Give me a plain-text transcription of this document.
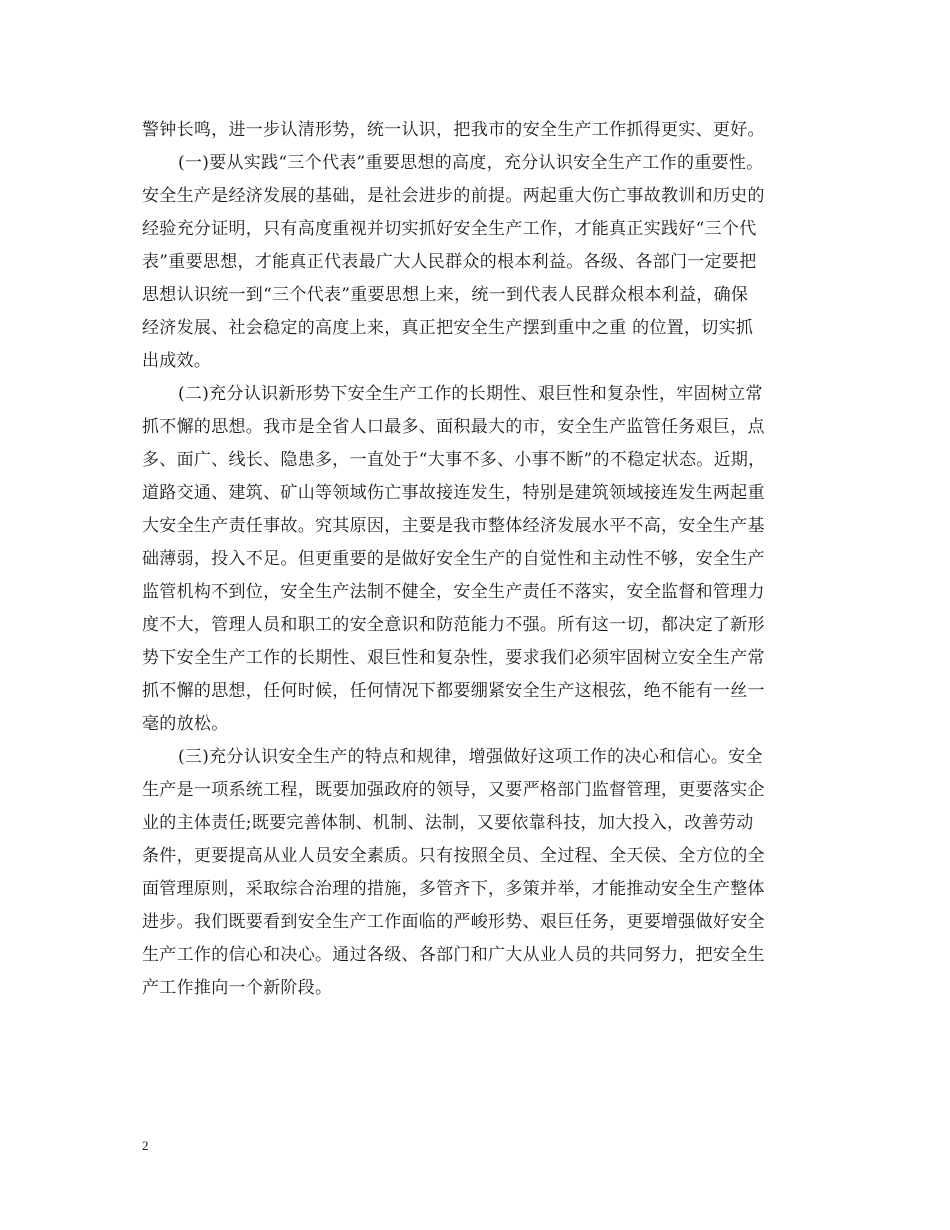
警钟长鸣，进一步认清形势，统一认识，把我市的安全生产工作抓得更实、更好。
(一)要从实践“三个代表”重要思想的高度，充分认识安全生产工作的重要性。
安全生产是经济发展的基础，是社会进步的前提。两起重大伤亡事故教训和历史的
经验充分证明，只有高度重视并切实抓好安全生产工作，才能真正实践好“三个代
表”重要思想，才能真正代表最广大人民群众的根本利益。各级、各部门一定要把
思想认识统一到“三个代表”重要思想上来，统一到代表人民群众根本利益，确保
经济发展、社会稳定的高度上来，真正把安全生产摆到重中之重 的位置，切实抓
出成效。
(二)充分认识新形势下安全生产工作的长期性、艰巨性和复杂性，牢固树立常
抓不懈的思想。我市是全省人口最多、面积最大的市，安全生产监管任务艰巨，点
多、面广、线长、隐患多，一直处于“大事不多、小事不断”的不稳定状态。近期，
道路交通、建筑、矿山等领域伤亡事故接连发生，特别是建筑领域接连发生两起重
大安全生产责任事故。究其原因，主要是我市整体经济发展水平不高，安全生产基
础薄弱，投入不足。但更重要的是做好安全生产的自觉性和主动性不够，安全生产
监管机构不到位，安全生产法制不健全，安全生产责任不落实，安全监督和管理力
度不大，管理人员和职工的安全意识和防范能力不强。所有这一切，都决定了新形
势下安全生产工作的长期性、艰巨性和复杂性，要求我们必须牢固树立安全生产常
抓不懈的思想，任何时候，任何情况下都要绷紧安全生产这根弦，绝不能有一丝一
毫的放松。
(三)充分认识安全生产的特点和规律，增强做好这项工作的决心和信心。安全
生产是一项系统工程，既要加强政府的领导，又要严格部门监督管理，更要落实企
业的主体责任;既要完善体制、机制、法制，又要依靠科技，加大投入，改善劳动
条件，更要提高从业人员安全素质。只有按照全员、全过程、全天侯、全方位的全
面管理原则，采取综合治理的措施，多管齐下，多策并举，才能推动安全生产整体
进步。我们既要看到安全生产工作面临的严峻形势、艰巨任务，更要增强做好安全
生产工作的信心和决心。通过各级、各部门和广大从业人员的共同努力，把安全生
产工作推向一个新阶段。
2
